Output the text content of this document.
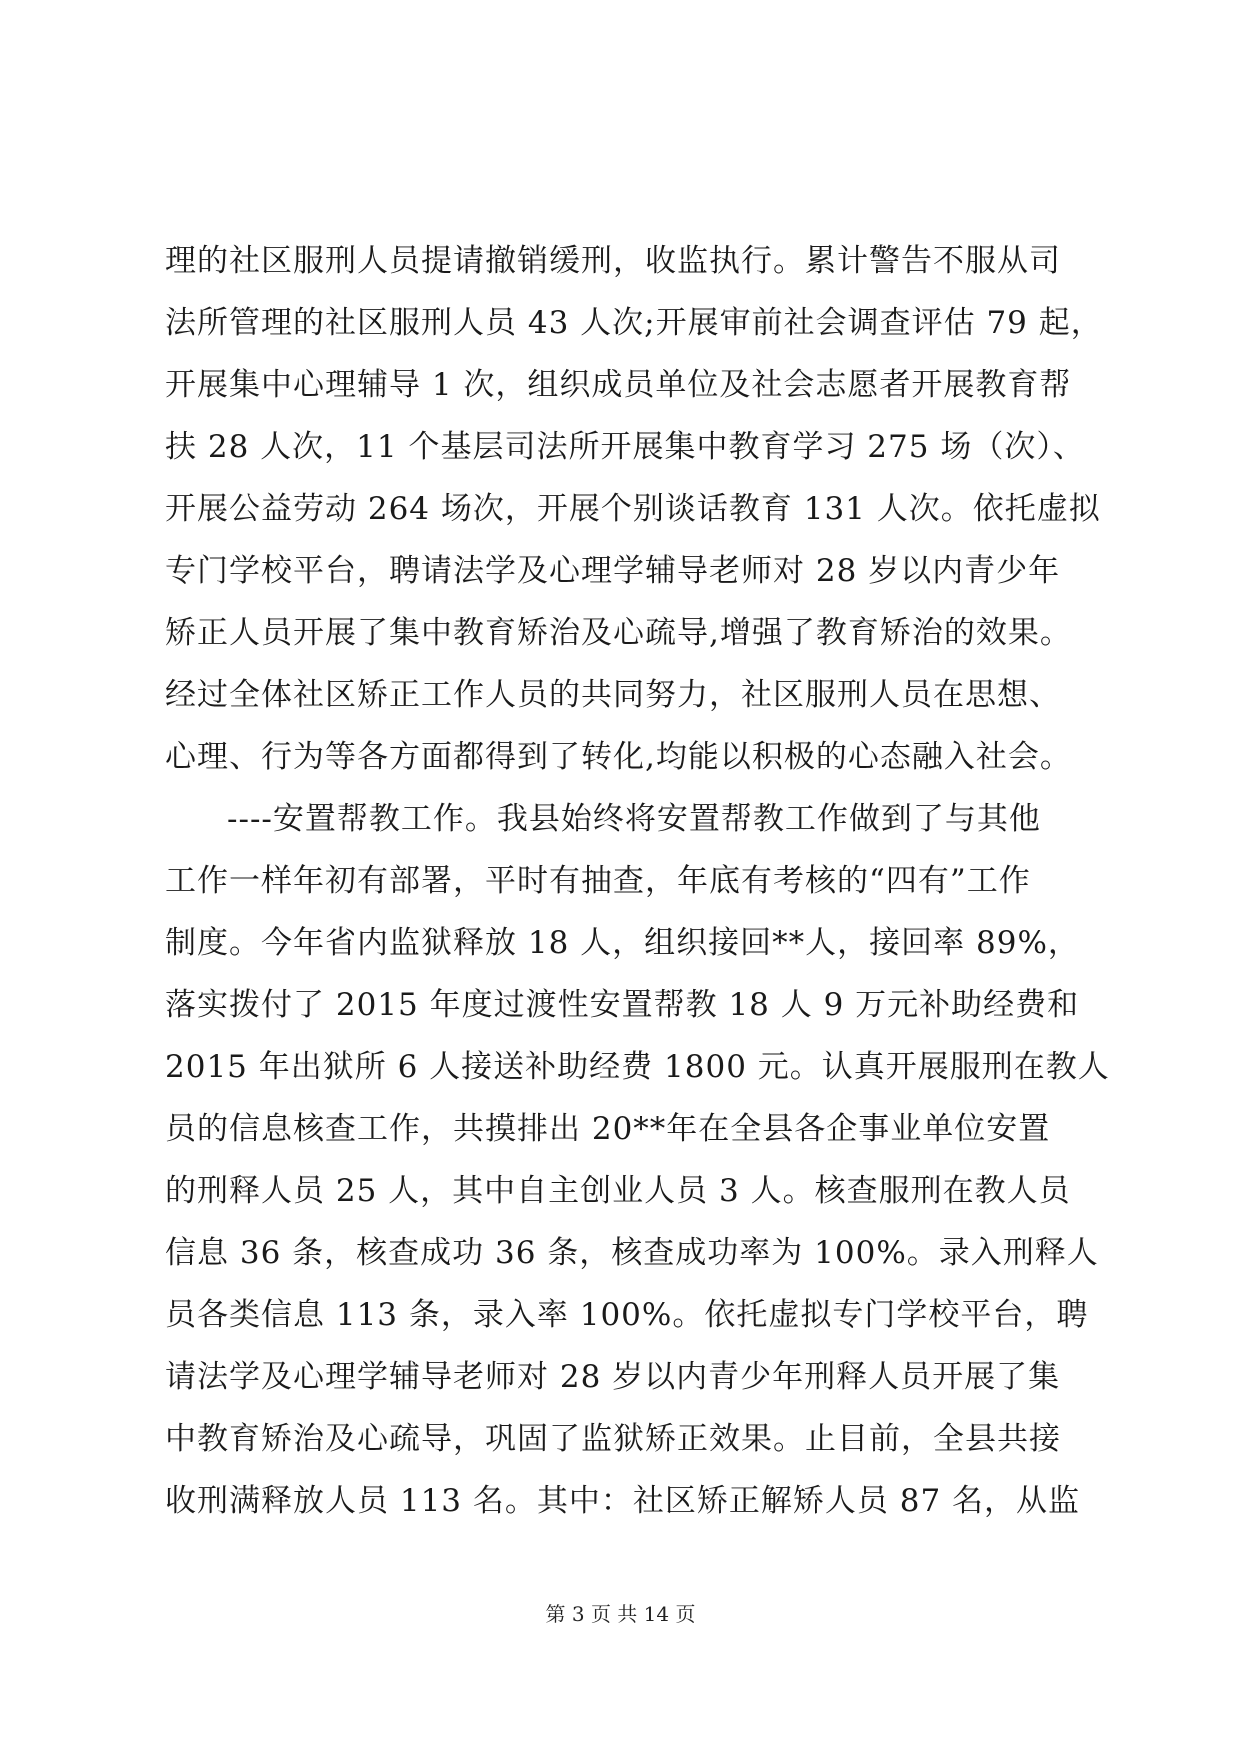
理的社区服刑人员提请撤销缓刑，收监执行。累计警告不服从司
法所管理的社区服刑人员 43 人次;开展审前社会调查评估 79 起，
开展集中心理辅导 1 次，组织成员单位及社会志愿者开展教育帮
扶 28 人次，11 个基层司法所开展集中教育学习 275 场（次）、
开展公益劳动 264 场次，开展个别谈话教育 131 人次。依托虚拟
专门学校平台，聘请法学及心理学辅导老师对 28 岁以内青少年
矫正人员开展了集中教育矫治及心疏导,增强了教育矫治的效果。
经过全体社区矫正工作人员的共同努力，社区服刑人员在思想、
心理、行为等各方面都得到了转化,均能以积极的心态融入社会。
----安置帮教工作。我县始终将安置帮教工作做到了与其他
工作一样年初有部署，平时有抽查，年底有考核的“四有”工作
制度。今年省内监狱释放 18 人，组织接回**人，接回率 89%，
落实拨付了 2015 年度过渡性安置帮教 18 人 9 万元补助经费和
2015 年出狱所 6 人接送补助经费 1800 元。认真开展服刑在教人
员的信息核查工作，共摸排出 20**年在全县各企事业单位安置
的刑释人员 25 人，其中自主创业人员 3 人。核查服刑在教人员
信息 36 条，核查成功 36 条，核查成功率为 100%。录入刑释人
员各类信息 113 条，录入率 100%。依托虚拟专门学校平台，聘
请法学及心理学辅导老师对 28 岁以内青少年刑释人员开展了集
中教育矫治及心疏导，巩固了监狱矫正效果。止目前，全县共接
收刑满释放人员 113 名。其中：社区矫正解矫人员 87 名，从监
第 3 页 共 14 页
